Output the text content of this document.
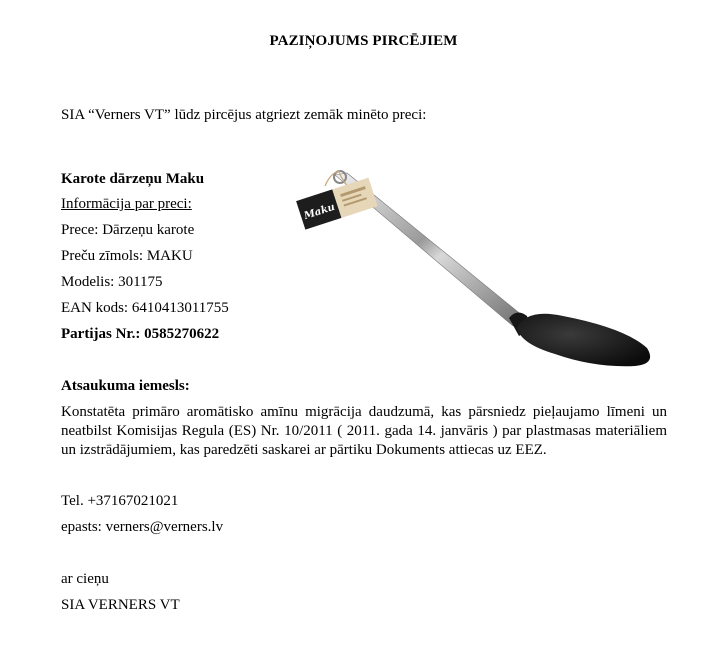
PAZIŅOJUMS PIRCĒJIEM
SIA “Verners VT” lūdz pircējus atgriezt zemāk minēto preci:
Karote dārzeņu Maku
Informācija par preci:
Prece: Dārzeņu karote
Preču zīmols: MAKU
Modelis: 301175
EAN kods: 6410413011755
Partijas Nr.: 0585270622
Maku
Atsaukuma iemesls:
Konstatēta primāro aromātisko amīnu migrācija daudzumā, kas pārsniedz pieļaujamo līmeni un neatbilst Komisijas Regula (ES) Nr. 10/2011 ( 2011. gada 14. janvāris ) par plastmasas materiāliem un izstrādājumiem, kas paredzēti saskarei ar pārtiku Dokuments attiecas uz EEZ.
Tel. +37167021021
epasts: verners@verners.lv
ar cieņu
SIA VERNERS VT
